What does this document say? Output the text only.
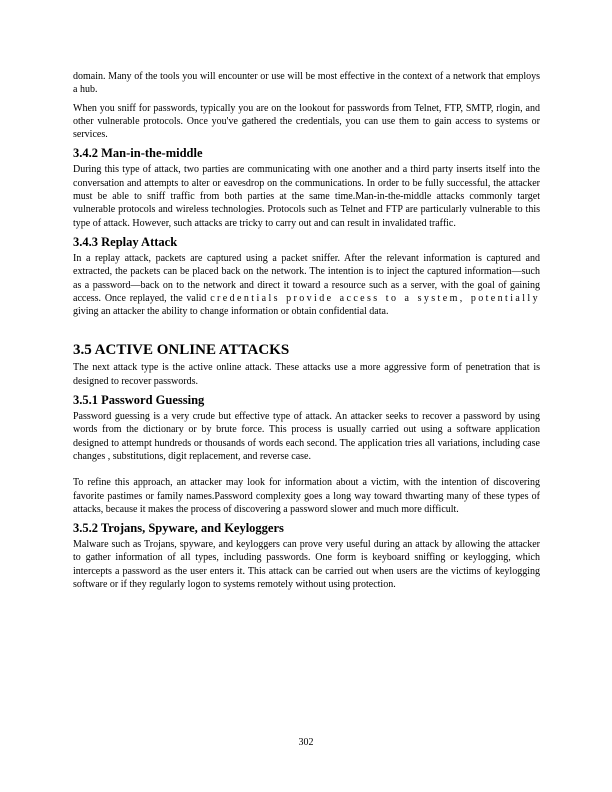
domain. Many of the tools you will encounter or use will be most effective in the context of a network that employs a hub.

When you sniff for passwords, typically you are on the lookout for passwords from Telnet, FTP, SMTP, rlogin, and other vulnerable protocols. Once you've gathered the credentials, you can use them to gain access to systems or services.

3.4.2 Man-in-the-middle

During this type of attack, two parties are communicating with one another and a third party inserts itself into the conversation and attempts to alter or eavesdrop on the communications. In order to be fully successful, the attacker must be able to sniff traffic from both parties at the same time.Man-in-the-middle attacks commonly target vulnerable protocols and wireless technologies. Protocols such as Telnet and FTP are particularly vulnerable to this type of attack. However, such attacks are tricky to carry out and can result in invalidated traffic.

3.4.3 Replay Attack

In a replay attack, packets are captured using a packet sniffer. After the relevant information is captured and extracted, the packets can be placed back on the network. The intention is to inject the captured information—such as a password—back on to the network and direct it toward a resource such as a server, with the goal of gaining access. Once replayed, the valid credentials provide access to a system, potentially giving an attacker the ability to change information or obtain confidential data.

3.5 ACTIVE ONLINE ATTACKS

The next attack type is the active online attack. These attacks use a more aggressive form of penetration that is designed to recover passwords.

3.5.1 Password Guessing

Password guessing is a very crude but effective type of attack. An attacker seeks to recover a password by using words from the dictionary or by brute force. This process is usually carried out using a software application designed to attempt hundreds or thousands of words each second. The application tries all variations, including case changes , substitutions, digit replacement, and reverse case.

To refine this approach, an attacker may look for information about a victim, with the intention of discovering favorite pastimes or family names.Password complexity goes a long way toward thwarting many of these types of attacks, because it makes the process of discovering a password slower and much more difficult.

3.5.2 Trojans, Spyware, and Keyloggers

Malware such as Trojans, spyware, and keyloggers can prove very useful during an attack by allowing the attacker to gather information of all types, including passwords. One form is keyboard sniffing or keylogging, which intercepts a password as the user enters it. This attack can be carried out when users are the victims of keylogging software or if they regularly logon to systems remotely without using protection.

302
